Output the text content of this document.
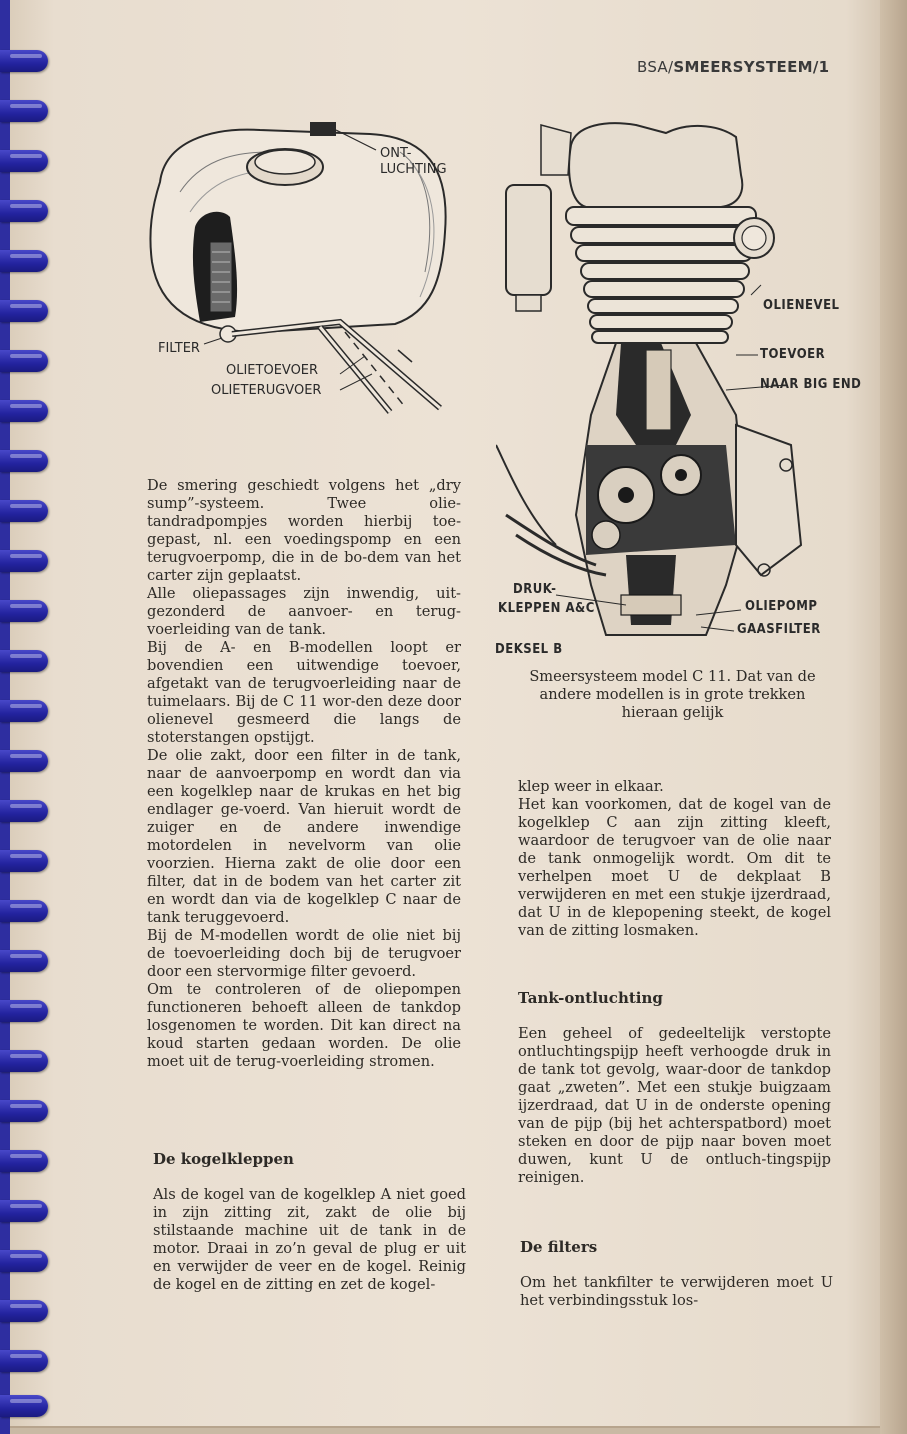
BSA/SMEERSYSTEEM/1
ONT-
LUCHTING
FILTER
OLIETOEVOER
OLIETERUGVOER
OLIENEVEL
TOEVOER
NAAR BIG END
DRUK-
KLEPPEN A&C	OLIEPOMP
GAASFILTER
DEKSEL B
Smeersysteem model C 11. Dat van de andere modellen is in grote trekken hieraan gelijk

De smering geschiedt volgens het „dry sump”-systeem. Twee olie-tandradpompjes worden hierbij toe-gepast, nl. een voedingspomp en een terugvoerpomp, die in de bo-dem van het carter zijn geplaatst.

Alle oliepassages zijn inwendig, uit-gezonderd de aanvoer- en terug-voerleiding van de tank.

Bij de A- en B-modellen loopt er bovendien een uitwendige toevoer, afgetakt van de terugvoerleiding naar de tuimelaars. Bij de C 11 wor-den deze door olienevel gesmeerd die langs de stoterstangen opstijgt.

De olie zakt, door een filter in de tank, naar de aanvoerpomp en wordt dan via een kogelklep naar de krukas en het big endlager ge-voerd. Van hieruit wordt de zuiger en de andere inwendige motordelen in nevelvorm van olie voorzien. Hierna zakt de olie door een filter, dat in de bodem van het carter zit en wordt dan via de kogelklep C naar de tank teruggevoerd.

Bij de M-modellen wordt de olie niet bij de toevoerleiding doch bij de terugvoer door een stervormige filter gevoerd.

Om te controleren of de oliepompen functioneren behoeft alleen de tankdop losgenomen te worden. Dit kan direct na koud starten gedaan worden. De olie moet uit de terug-voerleiding stromen.

De kogelkleppen

Als de kogel van de kogelklep A niet goed in zijn zitting zit, zakt de olie bij stilstaande machine uit de tank in de motor. Draai in zo’n geval de plug er uit en verwijder de veer en de kogel. Reinig de kogel en de zitting en zet de kogel-

klep weer in elkaar.

Het kan voorkomen, dat de kogel van de kogelklep C aan zijn zitting kleeft, waardoor de terugvoer van de olie naar de tank onmogelijk wordt. Om dit te verhelpen moet U de dekplaat B verwijderen en met een stukje ijzerdraad, dat U in de klepopening steekt, de kogel van de zitting losmaken.

Tank-ontluchting

Een geheel of gedeeltelijk verstopte ontluchtingspijp heeft verhoogde druk in de tank tot gevolg, waar-door de tankdop gaat „zweten”. Met een stukje buigzaam ijzerdraad, dat U in de onderste opening van de pijp (bij het achterspatbord) moet steken en door de pijp naar boven moet duwen, kunt U de ontluch-tingspijp reinigen.

De filters

Om het tankfilter te verwijderen moet U het verbindingsstuk los-
